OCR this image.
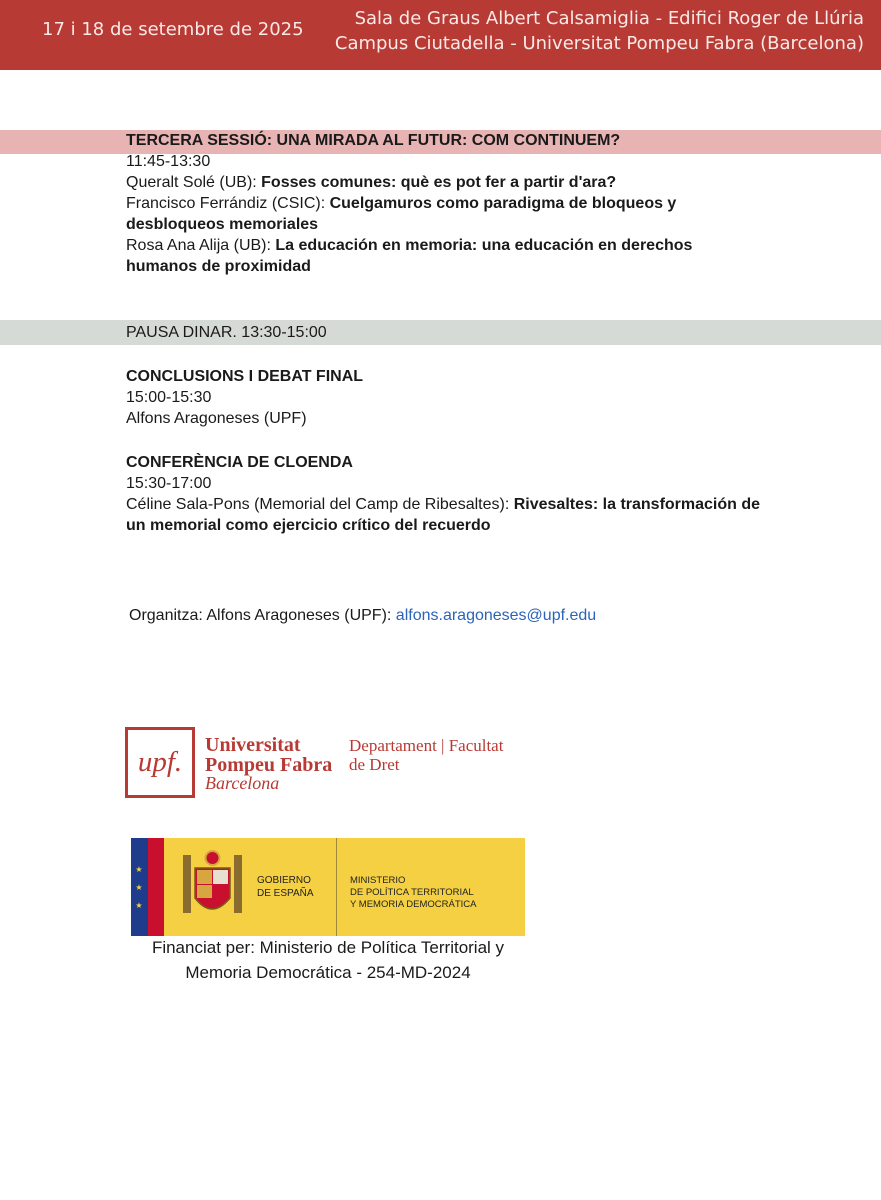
17 i 18 de setembre de 2025
Sala de Graus Albert Calsamiglia - Edifici Roger de Llúria
Campus Ciutadella - Universitat Pompeu Fabra (Barcelona)
TERCERA SESSIÓ: UNA MIRADA AL FUTUR: COM CONTINUEM?
11:45-13:30
Queralt Solé (UB): Fosses comunes: què es pot fer a partir d'ara?
Francisco Ferrándiz (CSIC): Cuelgamuros como paradigma de bloqueos y desbloqueos memoriales
Rosa Ana Alija (UB): La educación en memoria: una educación en derechos humanos de proximidad
PAUSA DINAR. 13:30-15:00
CONCLUSIONS I DEBAT FINAL
15:00-15:30
Alfons Aragoneses (UPF)
CONFERÈNCIA DE CLOENDA
15:30-17:00
Céline Sala-Pons (Memorial del Camp de Ribesaltes): Rivesaltes: la transformación de un memorial como ejercicio crítico del recuerdo
Organitza: Alfons Aragoneses (UPF): alfons.aragoneses@upf.edu
upf.
Universitat
Pompeu Fabra
Barcelona
Departament | Facultat
de Dret
★
★
★
GOBIERNO
DE ESPAÑA
MINISTERIO
DE POLÍTICA TERRITORIAL
Y MEMORIA DEMOCRÁTICA
Financiat per: Ministerio de Política Territorial y
Memoria Democrática - 254-MD-2024
